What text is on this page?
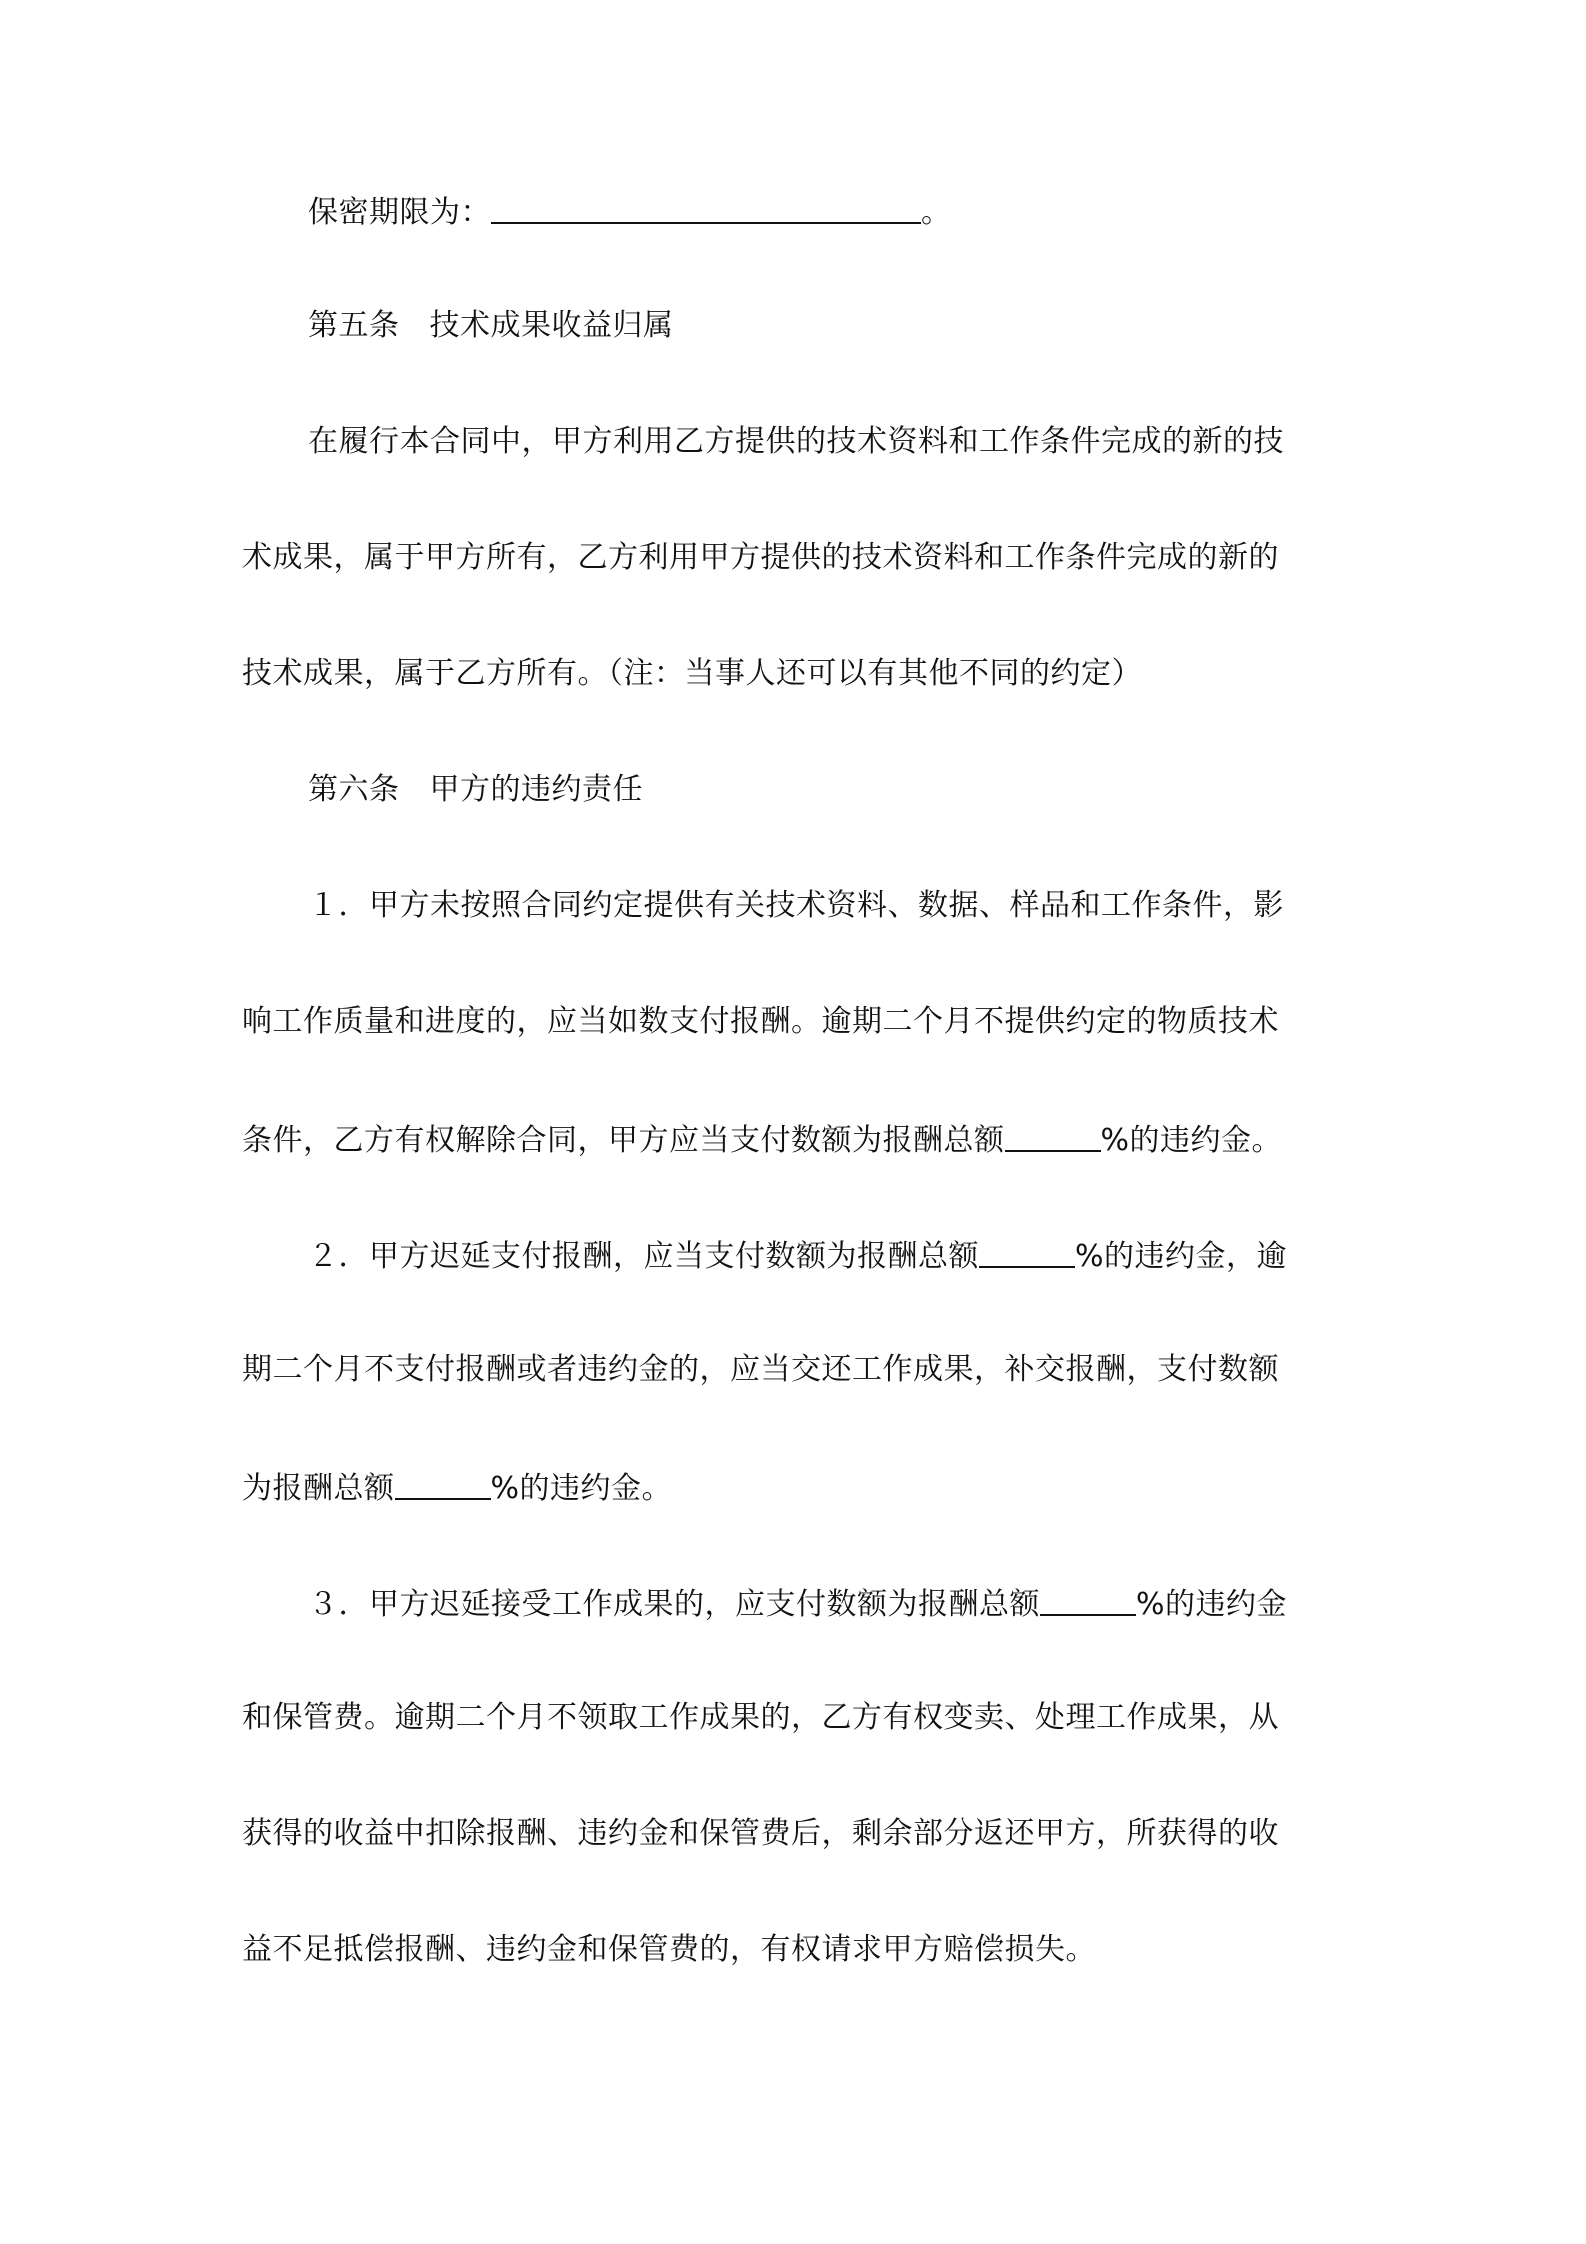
保密期限为：	。
第五条 技术成果收益归属
在履行本合同中，甲方利用乙方提供的技术资料和工作条件完成的新的技
术成果，属于甲方所有，乙方利用甲方提供的技术资料和工作条件完成的新的
技术成果，属于乙方所有。（注：当事人还可以有其他不同的约定）
第六条 甲方的违约责任
１．甲方未按照合同约定提供有关技术资料、数据、样品和工作条件，影
响工作质量和进度的，应当如数支付报酬。逾期二个月不提供约定的物质技术
条件，乙方有权解除合同，甲方应当支付数额为报酬总额	%的违约金。
２．甲方迟延支付报酬，应当支付数额为报酬总额	%的违约金，逾
期二个月不支付报酬或者违约金的，应当交还工作成果，补交报酬，支付数额
为报酬总额	%的违约金。
３．甲方迟延接受工作成果的，应支付数额为报酬总额	%的违约金
和保管费。逾期二个月不领取工作成果的，乙方有权变卖、处理工作成果，从
获得的收益中扣除报酬、违约金和保管费后，剩余部分返还甲方，所获得的收
益不足抵偿报酬、违约金和保管费的，有权请求甲方赔偿损失。
